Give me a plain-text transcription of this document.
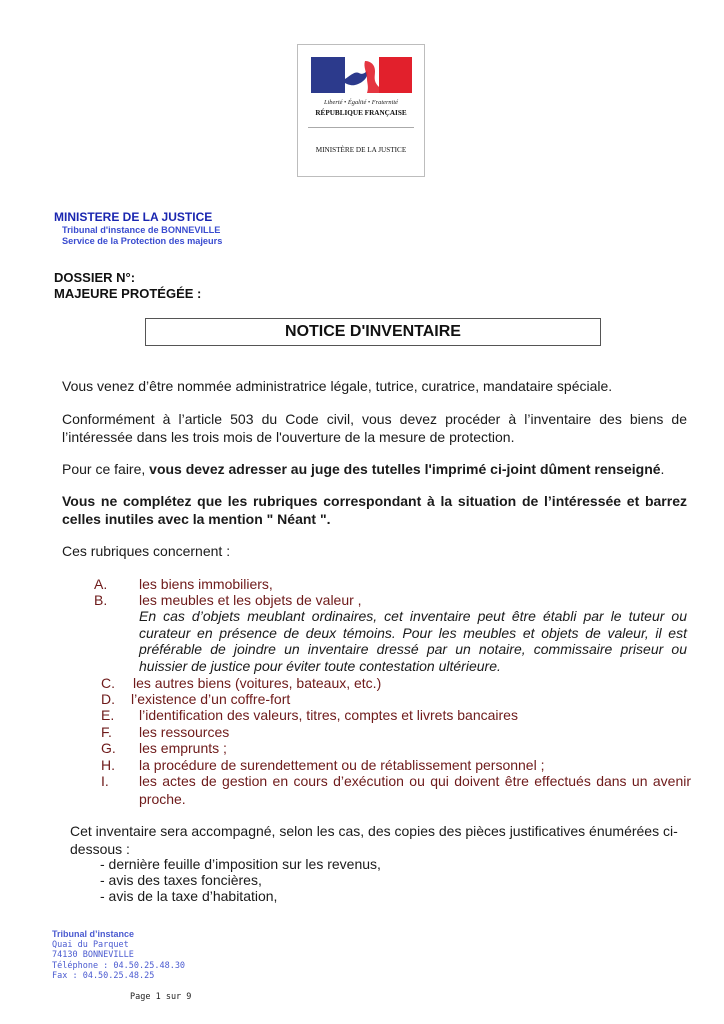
Liberté • Égalité • Fraternité
RÉPUBLIQUE FRANÇAISE
MINISTÈRE DE LA JUSTICE
MINISTERE DE LA JUSTICE
Tribunal d'instance de BONNEVILLE
Service de la Protection des majeurs
DOSSIER N°:
MAJEURE PROTÉGÉE :
NOTICE D'INVENTAIRE
Vous venez d’être nommée administratrice légale, tutrice, curatrice, mandataire spéciale.
Conformément à l’article 503 du Code civil, vous devez procéder à l’inventaire des biens de l’intéressée dans les trois mois de l'ouverture de la mesure de protection.
Pour ce faire, vous devez adresser au juge des tutelles l'imprimé ci-joint dûment renseigné.
Vous ne complétez que les rubriques correspondant à la situation de l’intéressée et barrez celles inutiles avec la mention " Néant ".
Ces rubriques concernent :
A. les biens immobiliers,
B. les meubles et les objets de valeur ,
En cas d’objets meublant ordinaires, cet inventaire peut être établi par le tuteur ou curateur en présence de deux témoins. Pour les meubles et objets de valeur, il est préférable de joindre un inventaire dressé par un notaire, commissaire priseur ou huissier de justice pour éviter toute contestation ultérieure.
C. les autres biens (voitures, bateaux, etc.)
D. l’existence d’un coffre-fort
E. l’identification des valeurs, titres, comptes et livrets bancaires
F. les ressources
G. les emprunts ;
H. la procédure de surendettement ou de rétablissement personnel ;
I. les actes de gestion en cours d’exécution ou qui doivent être effectués dans un avenir proche.
Cet inventaire sera accompagné, selon les cas, des copies des pièces justificatives énumérées ci-dessous :
- dernière feuille d’imposition sur les revenus,
- avis des taxes foncières,
- avis de la taxe d’habitation,
Tribunal d’instance
Quai du Parquet
74130 BONNEVILLE
Téléphone : 04.50.25.48.30
Fax : 04.50.25.48.25
Page 1 sur 9
